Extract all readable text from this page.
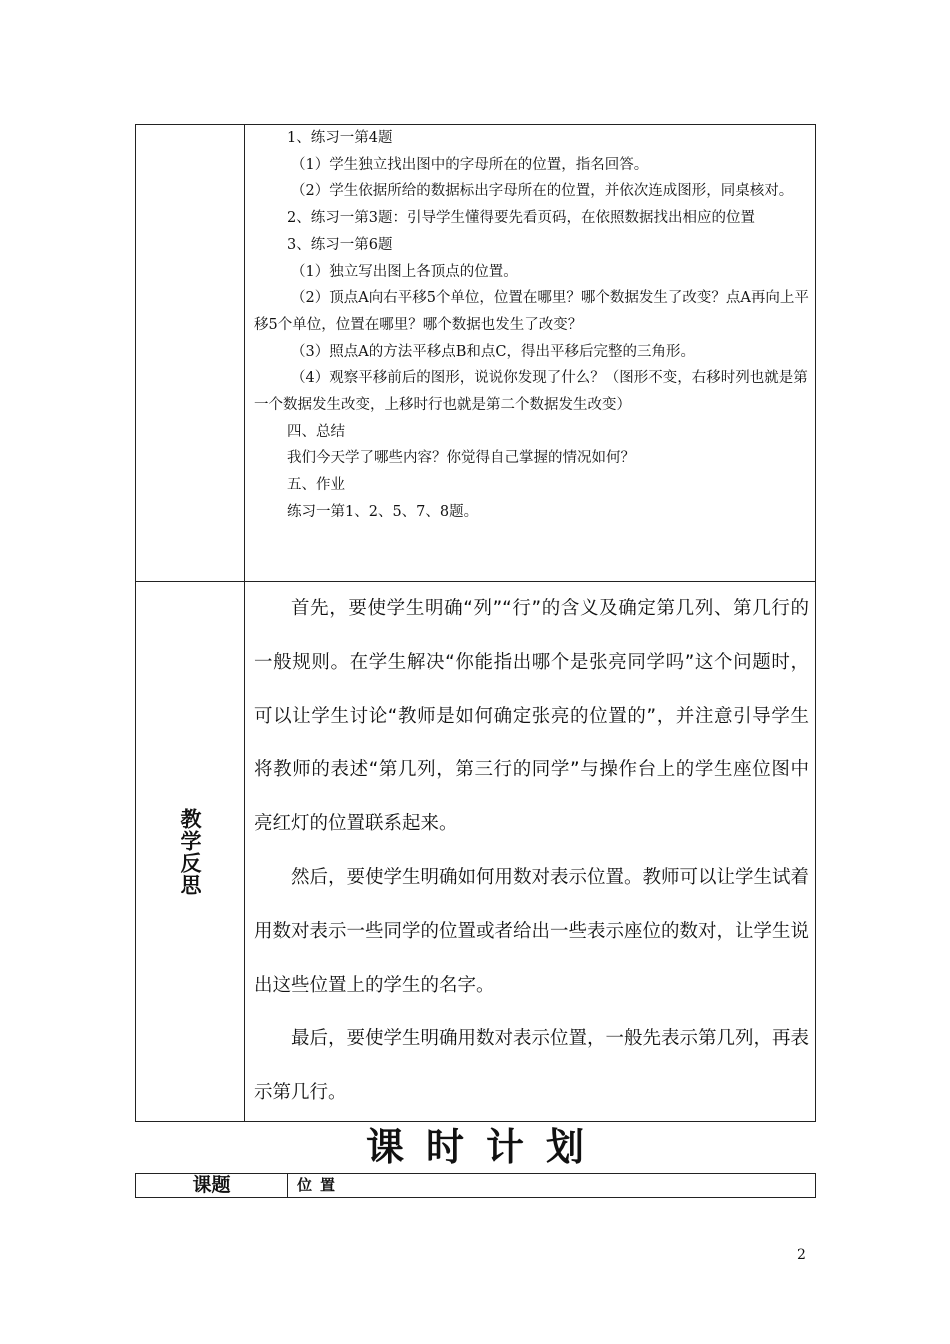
1、练习一第4题

（1）学生独立找出图中的字母所在的位置，指名回答。

（2）学生依据所给的数据标出字母所在的位置，并依次连成图形，同桌核对。

2、练习一第3题：引导学生懂得要先看页码，在依照数据找出相应的位置

3、练习一第6题

（1）独立写出图上各顶点的位置。

（2）顶点A向右平移5个单位，位置在哪里？哪个数据发生了改变？点A再向上平移5个单位，位置在哪里？哪个数据也发生了改变？

（3）照点A的方法平移点B和点C，得出平移后完整的三角形。

（4）观察平移前后的图形，说说你发现了什么？（图形不变，右移时列也就是第一个数据发生改变，上移时行也就是第二个数据发生改变）

四、总结

我们今天学了哪些内容？你觉得自己掌握的情况如何？

五、作业

练习一第1、2、5、7、8题。

教学反思

首先，要使学生明确“列”“行”的含义及确定第几列、第几行的一般规则。在学生解决“你能指出哪个是张亮同学吗”这个问题时，可以让学生讨论“教师是如何确定张亮的位置的”，并注意引导学生将教师的表述“第几列，第三行的同学”与操作台上的学生座位图中亮红灯的位置联系起来。

然后，要使学生明确如何用数对表示位置。教师可以让学生试着用数对表示一些同学的位置或者给出一些表示座位的数对，让学生说出这些位置上的学生的名字。

最后，要使学生明确用数对表示位置，一般先表示第几列，再表示第几行。

课时计划
课题	位置
2
